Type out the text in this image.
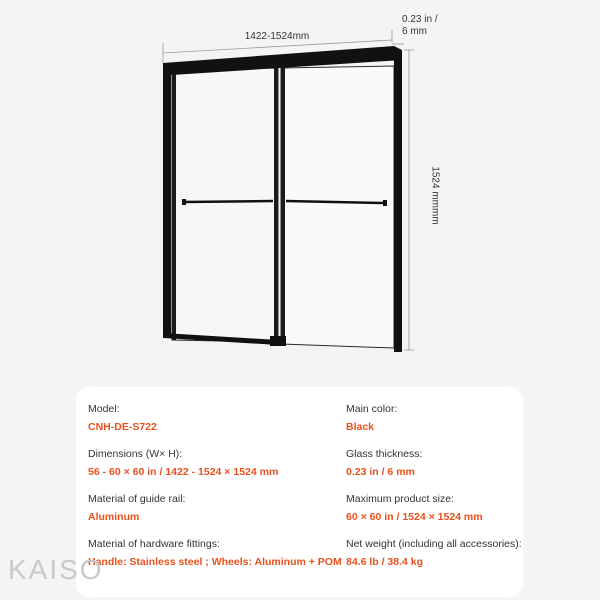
1422-1524mm
0.23 in /
6 mm
1524 mmmm
Model:
CNH-DE-S722
Dimensions (W× H):
56 - 60 × 60 in / 1422 - 1524 × 1524 mm
Material of guide rail:
Aluminum
Material of hardware fittings:
Handle: Stainless steel ; Wheels: Aluminum + POM
Main color:
Black
Glass thickness:
0.23 in / 6 mm
Maximum product size:
60 × 60 in / 1524 × 1524 mm
Net weight (including all accessories):
84.6 lb / 38.4 kg
KAISO
